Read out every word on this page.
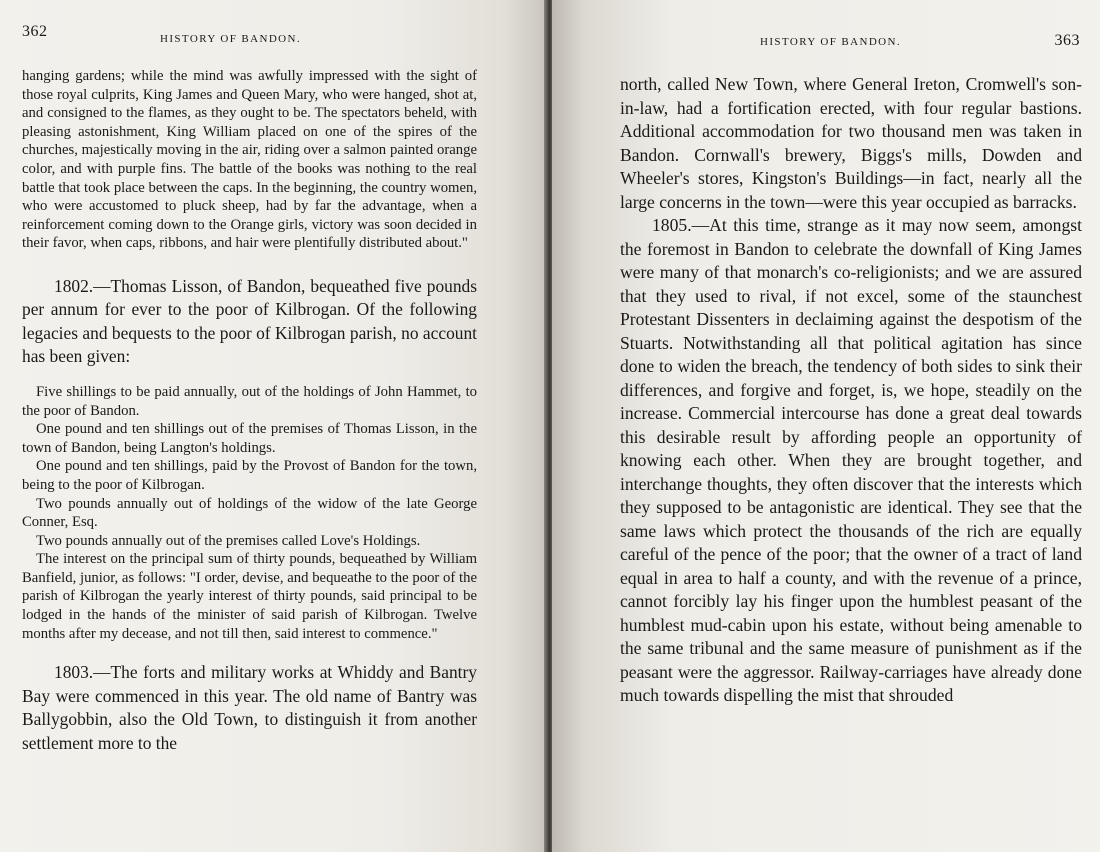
362	HISTORY OF BANDON.

hanging gardens; while the mind was awfully impressed with the sight of those royal culprits, King James and Queen Mary, who were hanged, shot at, and consigned to the flames, as they ought to be. The spectators beheld, with pleasing astonishment, King William placed on one of the spires of the churches, majestically moving in the air, riding over a salmon painted orange color, and with purple fins. The battle of the books was nothing to the real battle that took place between the caps. In the beginning, the country women, who were accustomed to pluck sheep, had by far the advantage, when a reinforcement coming down to the Orange girls, victory was soon decided in their favor, when caps, ribbons, and hair were plentifully distributed about."

1802.—Thomas Lisson, of Bandon, bequeathed five pounds per annum for ever to the poor of Kilbrogan. Of the following legacies and bequests to the poor of Kilbrogan parish, no account has been given:

Five shillings to be paid annually, out of the holdings of John Hammet, to the poor of Bandon.

One pound and ten shillings out of the premises of Thomas Lisson, in the town of Bandon, being Langton's holdings.

One pound and ten shillings, paid by the Provost of Bandon for the town, being to the poor of Kilbrogan.

Two pounds annually out of holdings of the widow of the late George Conner, Esq.

Two pounds annually out of the premises called Love's Holdings.

The interest on the principal sum of thirty pounds, bequeathed by William Banfield, junior, as follows: "I order, devise, and bequeathe to the poor of the parish of Kilbrogan the yearly interest of thirty pounds, said principal to be lodged in the hands of the minister of said parish of Kilbrogan. Twelve months after my decease, and not till then, said interest to commence."

1803.—The forts and military works at Whiddy and Bantry Bay were commenced in this year. The old name of Bantry was Ballygobbin, also the Old Town, to distinguish it from another settlement more to the

HISTORY OF BANDON.	363

north, called New Town, where General Ireton, Cromwell's son-in-law, had a fortification erected, with four regular bastions. Additional accommodation for two thousand men was taken in Bandon. Cornwall's brewery, Biggs's mills, Dowden and Wheeler's stores, Kingston's Buildings—in fact, nearly all the large concerns in the town—were this year occupied as barracks.

1805.—At this time, strange as it may now seem, amongst the foremost in Bandon to celebrate the downfall of King James were many of that monarch's co-religionists; and we are assured that they used to rival, if not excel, some of the staunchest Protestant Dissenters in declaiming against the despotism of the Stuarts. Notwithstanding all that political agitation has since done to widen the breach, the tendency of both sides to sink their differences, and forgive and forget, is, we hope, steadily on the increase. Commercial intercourse has done a great deal towards this desirable result by affording people an opportunity of knowing each other. When they are brought together, and interchange thoughts, they often discover that the interests which they supposed to be antagonistic are identical. They see that the same laws which protect the thousands of the rich are equally careful of the pence of the poor; that the owner of a tract of land equal in area to half a county, and with the revenue of a prince, cannot forcibly lay his finger upon the humblest peasant of the humblest mud-cabin upon his estate, without being amenable to the same tribunal and the same measure of punishment as if the peasant were the aggressor. Railway-carriages have already done much towards dispelling the mist that shrouded
